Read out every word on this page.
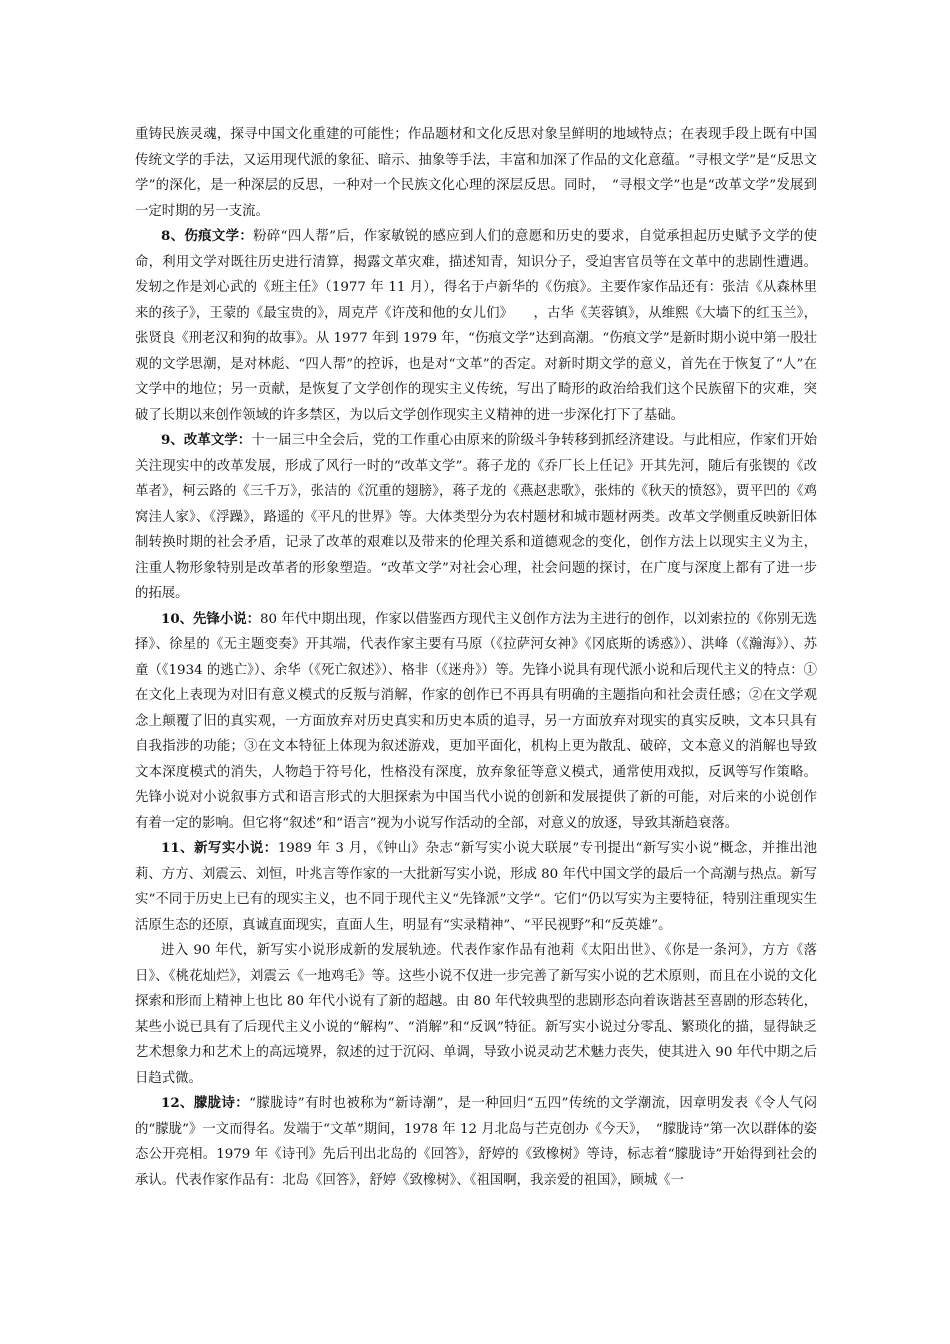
重铸民族灵魂，探寻中国文化重建的可能性；作品题材和文化反思对象呈鲜明的地域特点；在表现手段上既有中国传统文学的手法，又运用现代派的象征、暗示、抽象等手法，丰富和加深了作品的文化意蕴。“寻根文学”是“反思文学”的深化，是一种深层的反思，一种对一个民族文化心理的深层反思。同时，　“寻根文学”也是“改革文学”发展到一定时期的另一支流。

8、伤痕文学：粉碎“四人帮”后，作家敏锐的感应到人们的意愿和历史的要求，自觉承担起历史赋予文学的使命，利用文学对既往历史进行清算，揭露文革灾难，描述知青，知识分子，受迫害官员等在文革中的悲剧性遭遇。发轫之作是刘心武的《班主任》（1977 年 11 月），得名于卢新华的《伤痕》。主要作家作品还有：张洁《从森林里来的孩子》，王蒙的《最宝贵的》，周克芹《许茂和他的女儿们》　　，古华《芙蓉镇》，从维熙《大墙下的红玉兰》，张贤良《刑老汉和狗的故事》。从 1977 年到 1979 年，“伤痕文学”达到高潮。“伤痕文学”是新时期小说中第一股壮观的文学思潮，是对林彪、“四人帮”的控诉，也是对“文革”的否定。对新时期文学的意义，首先在于恢复了“人”在文学中的地位；另一贡献，是恢复了文学创作的现实主义传统，写出了畸形的政治给我们这个民族留下的灾难，突破了长期以来创作领域的许多禁区，为以后文学创作现实主义精神的进一步深化打下了基础。

9、改革文学：十一届三中全会后，党的工作重心由原来的阶级斗争转移到抓经济建设。与此相应，作家们开始关注现实中的改革发展，形成了风行一时的“改革文学”。蒋子龙的《乔厂长上任记》开其先河，随后有张锲的《改革者》，柯云路的《三千万》，张洁的《沉重的翅膀》，蒋子龙的《燕赵悲歌》，张炜的《秋天的愤怒》，贾平凹的《鸡窝洼人家》、《浮躁》，路遥的《平凡的世界》等。大体类型分为农村题材和城市题材两类。改革文学侧重反映新旧体制转换时期的社会矛盾，记录了改革的艰难以及带来的伦理关系和道德观念的变化，创作方法上以现实主义为主，注重人物形象特别是改革者的形象塑造。“改革文学”对社会心理，社会问题的探讨，在广度与深度上都有了进一步的拓展。

10、先锋小说：80 年代中期出现，作家以借鉴西方现代主义创作方法为主进行的创作，以刘索拉的《你别无选择》、徐星的《无主题变奏》开其端，代表作家主要有马原（《拉萨河女神》《冈底斯的诱惑》）、洪峰（《瀚海》）、苏童（《1934 的逃亡》）、余华（《死亡叙述》）、格非（《迷舟》）等。先锋小说具有现代派小说和后现代主义的特点：①在文化上表现为对旧有意义模式的反叛与消解，作家的创作已不再具有明确的主题指向和社会责任感；②在文学观念上颠覆了旧的真实观，一方面放弃对历史真实和历史本质的追寻，另一方面放弃对现实的真实反映，文本只具有自我指涉的功能；③在文本特征上体现为叙述游戏，更加平面化，机构上更为散乱、破碎，文本意义的消解也导致文本深度模式的消失，人物趋于符号化，性格没有深度，放弃象征等意义模式，通常使用戏拟，反讽等写作策略。先锋小说对小说叙事方式和语言形式的大胆探索为中国当代小说的创新和发展提供了新的可能，对后来的小说创作有着一定的影响。但它将“叙述”和“语言”视为小说写作活动的全部，对意义的放逐，导致其渐趋衰落。

11、新写实小说：1989 年 3 月，《钟山》杂志“新写实小说大联展”专刊提出“新写实小说”概念，并推出池莉、方方、刘震云、刘恒，叶兆言等作家的一大批新写实小说，形成 80 年代中国文学的最后一个高潮与热点。新写实“不同于历史上已有的现实主义，也不同于现代主义“先锋派”文学“。它们“仍以写实为主要特征，特别注重现实生活原生态的还原，真诚直面现实，直面人生，明显有“实录精神”、“平民视野”和“反英雄”。

进入 90 年代，新写实小说形成新的发展轨迹。代表作家作品有池莉《太阳出世》、《你是一条河》，方方《落日》、《桃花灿烂》，刘震云《一地鸡毛》等。这些小说不仅进一步完善了新写实小说的艺术原则，而且在小说的文化探索和形而上精神上也比 80 年代小说有了新的超越。由 80 年代较典型的悲剧形态向着诙谐甚至喜剧的形态转化，某些小说已具有了后现代主义小说的“解构”、“消解”和“反讽”特征。新写实小说过分零乱、繁琐化的描，显得缺乏艺术想象力和艺术上的高远境界，叙述的过于沉闷、单调，导致小说灵动艺术魅力丧失，使其进入 90 年代中期之后日趋式微。

12、朦胧诗：“朦胧诗”有时也被称为“新诗潮”，是一种回归“五四”传统的文学潮流，因章明发表《令人气闷的“朦胧”》一文而得名。发端于“文革”期间，1978 年 12 月北岛与芒克创办《今天》，　“朦胧诗”第一次以群体的姿态公开亮相。1979 年《诗刊》先后刊出北岛的《回答》，舒婷的《致橡树》等诗，标志着“朦胧诗”开始得到社会的承认。代表作家作品有：北岛《回答》，舒婷《致橡树》、《祖国啊，我亲爱的祖国》，顾城《一
